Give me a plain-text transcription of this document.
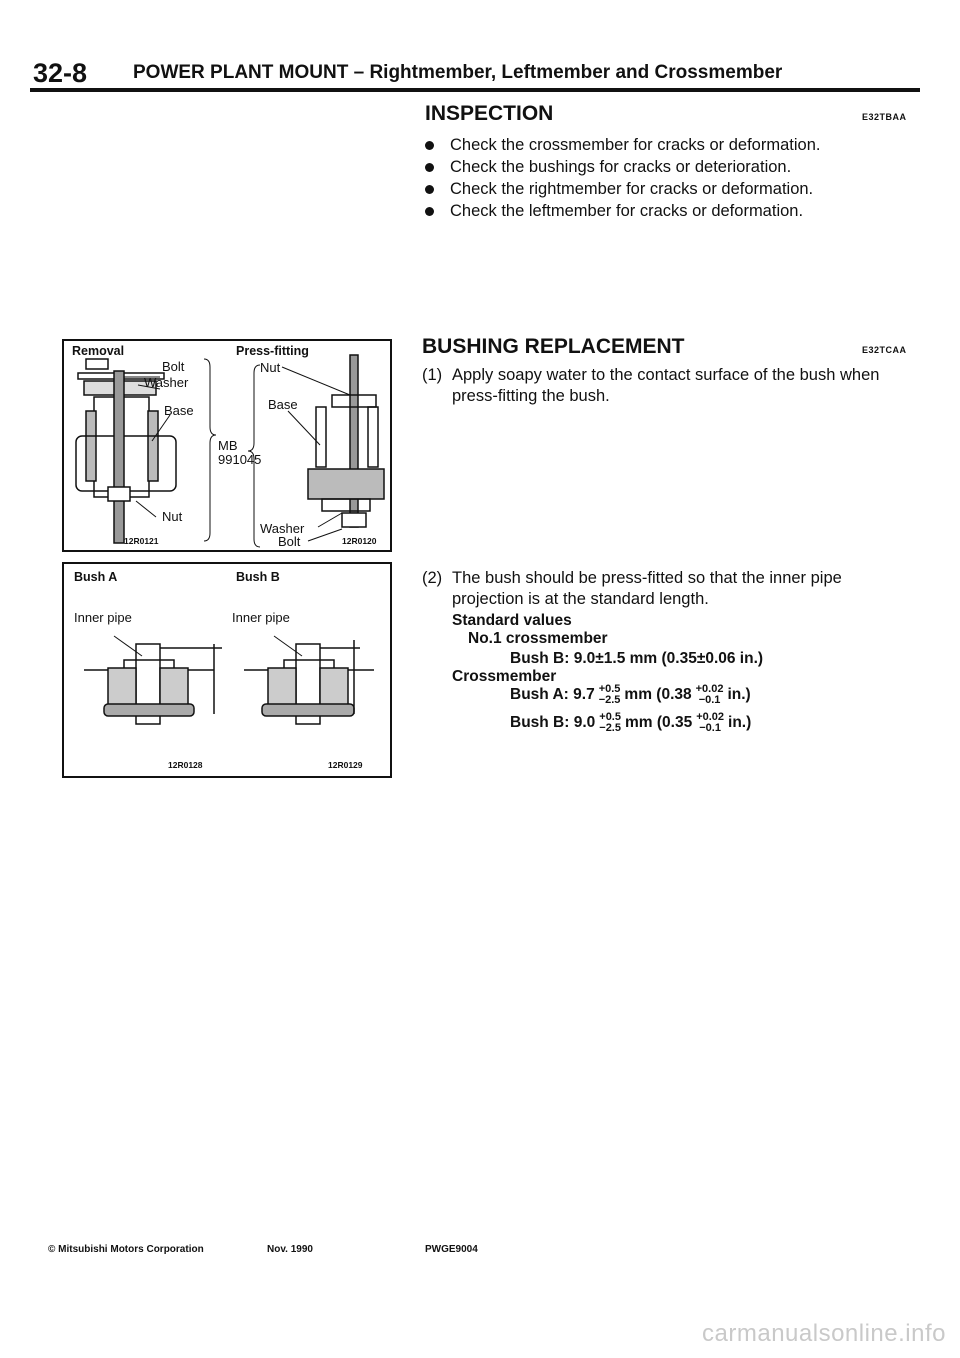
32-8 POWER PLANT MOUNT – Rightmember, Leftmember and Crossmember
INSPECTION	E32TBAA
Check the crossmember for cracks or deformation.
Check the bushings for cracks or deterioration.
Check the rightmember for cracks or deformation.
Check the leftmember for cracks or deformation.
BUSHING REPLACEMENT	E32TCAA
(1) Apply soapy water to the contact surface of the bush when press-fitting the bush.
(2) The bush should be press-fitted so that the inner pipe projection is at the standard length.
Standard values
No.1 crossmember
Bush B: 9.0±1.5 mm (0.35±0.06 in.)
Crossmember
Bush A: 9.7 +0.5
−2.5 mm (0.38 +0.02
−0.1 in.)
Bush B: 9.0 +0.5
−2.5 mm (0.35 +0.02
−0.1 in.)
Removal	Press-fitting
Bolt
Washer
Base
MB
991045
Nut
12R0121
Nut
Base
Washer
Bolt	12R0120
Bush A	Bush B
Inner pipe	Inner pipe
12R0128	12R0129
© Mitsubishi Motors Corporation	Nov. 1990	PWGE9004
carmanualsonline.info
